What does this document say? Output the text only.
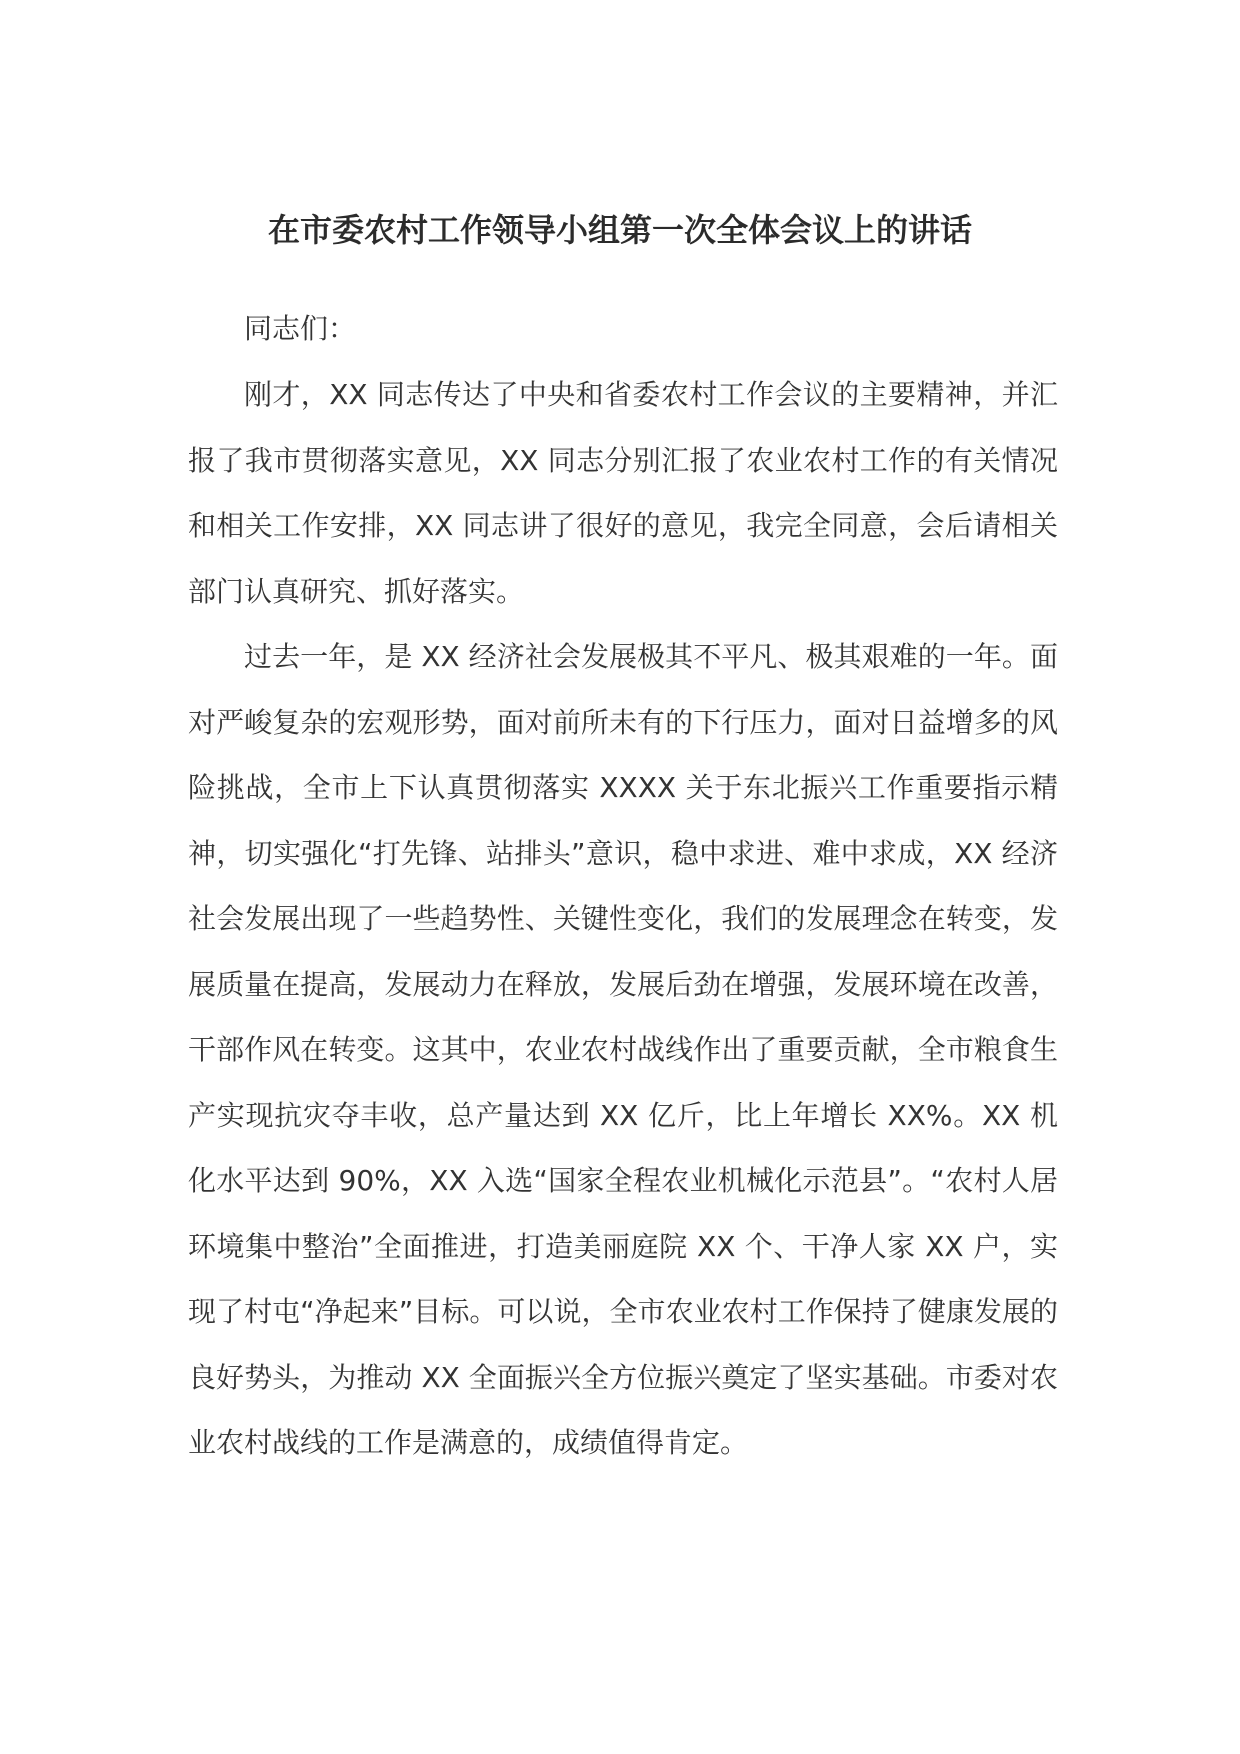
在市委农村工作领导小组第一次全体会议上的讲话

同志们：

刚才，XX 同志传达了中央和省委农村工作会议的主要精神，并汇报了我市贯彻落实意见，XX 同志分别汇报了农业农村工作的有关情况和相关工作安排，XX 同志讲了很好的意见，我完全同意，会后请相关部门认真研究、抓好落实。

过去一年，是 XX 经济社会发展极其不平凡、极其艰难的一年。面对严峻复杂的宏观形势，面对前所未有的下行压力，面对日益增多的风险挑战，全市上下认真贯彻落实 XXXX 关于东北振兴工作重要指示精神，切实强化“打先锋、站排头”意识，稳中求进、难中求成，XX 经济社会发展出现了一些趋势性、关键性变化，我们的发展理念在转变，发展质量在提高，发展动力在释放，发展后劲在增强，发展环境在改善，干部作风在转变。这其中，农业农村战线作出了重要贡献，全市粮食生产实现抗灾夺丰收，总产量达到 XX 亿斤，比上年增长 XX%。XX 机化水平达到 90%，XX 入选“国家全程农业机械化示范县”。“农村人居环境集中整治”全面推进，打造美丽庭院 XX 个、干净人家 XX 户，实现了村屯“净起来”目标。可以说，全市农业农村工作保持了健康发展的良好势头，为推动 XX 全面振兴全方位振兴奠定了坚实基础。市委对农业农村战线的工作是满意的，成绩值得肯定。
